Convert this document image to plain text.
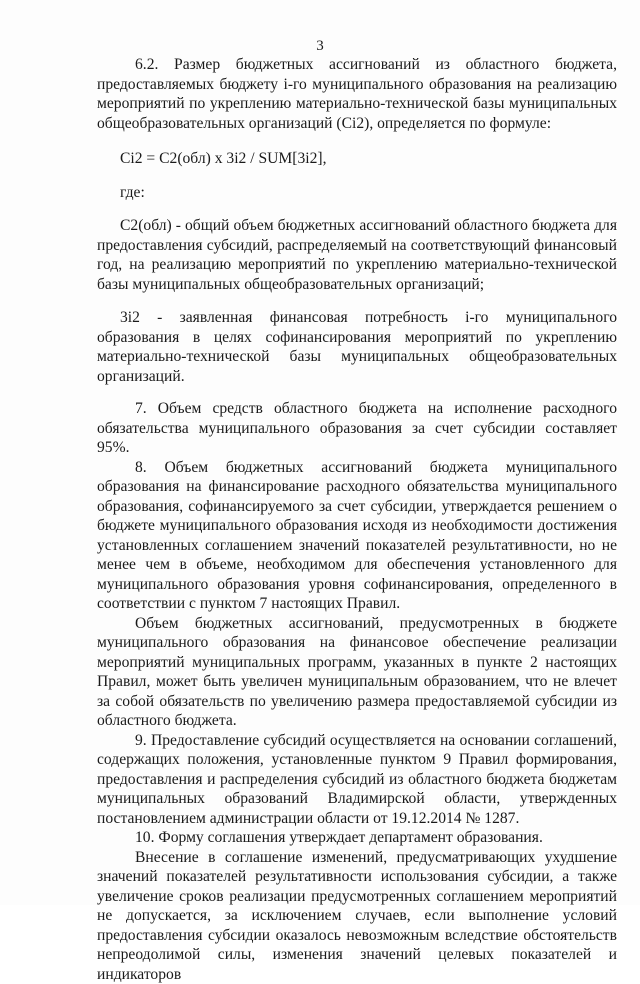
3

6.2. Размер бюджетных ассигнований из областного бюджета, предоставляемых бюджету i-го муниципального образования на реализацию мероприятий по укреплению материально-технической базы муниципальных общеобразовательных организаций (Ci2), определяется по формуле:

Ci2 = C2(обл) x 3i2 / SUM[3i2],

где:

C2(обл) - общий объем бюджетных ассигнований областного бюджета для предоставления субсидий, распределяемый на соответствующий финансовый год, на реализацию мероприятий по укреплению материально-технической базы муниципальных общеобразовательных организаций;

3i2 - заявленная финансовая потребность i-го муниципального образования в целях софинансирования мероприятий по укреплению материально-технической базы муниципальных общеобразовательных организаций.

7. Объем средств областного бюджета на исполнение расходного обязательства муниципального образования за счет субсидии составляет 95%.

8. Объем бюджетных ассигнований бюджета муниципального образования на финансирование расходного обязательства муниципального образования, софинансируемого за счет субсидии, утверждается решением о бюджете муниципального образования исходя из необходимости достижения установленных соглашением значений показателей результативности, но не менее чем в объеме, необходимом для обеспечения установленного для муниципального образования уровня софинансирования, определенного в соответствии с пунктом 7 настоящих Правил.

Объем бюджетных ассигнований, предусмотренных в бюджете муниципального образования на финансовое обеспечение реализации мероприятий муниципальных программ, указанных в пункте 2 настоящих Правил, может быть увеличен муниципальным образованием, что не влечет за собой обязательств по увеличению размера предоставляемой субсидии из областного бюджета.

9. Предоставление субсидий осуществляется на основании соглашений, содержащих положения, установленные пунктом 9 Правил формирования, предоставления и распределения субсидий из областного бюджета бюджетам муниципальных образований Владимирской области, утвержденных постановлением администрации области от 19.12.2014 № 1287.

10. Форму соглашения утверждает департамент образования.

Внесение в соглашение изменений, предусматривающих ухудшение значений показателей результативности использования субсидии, а также увеличение сроков реализации предусмотренных соглашением мероприятий не допускается, за исключением случаев, если выполнение условий предоставления субсидии оказалось невозможным вследствие обстоятельств непреодолимой силы, изменения значений целевых показателей и индикаторов
